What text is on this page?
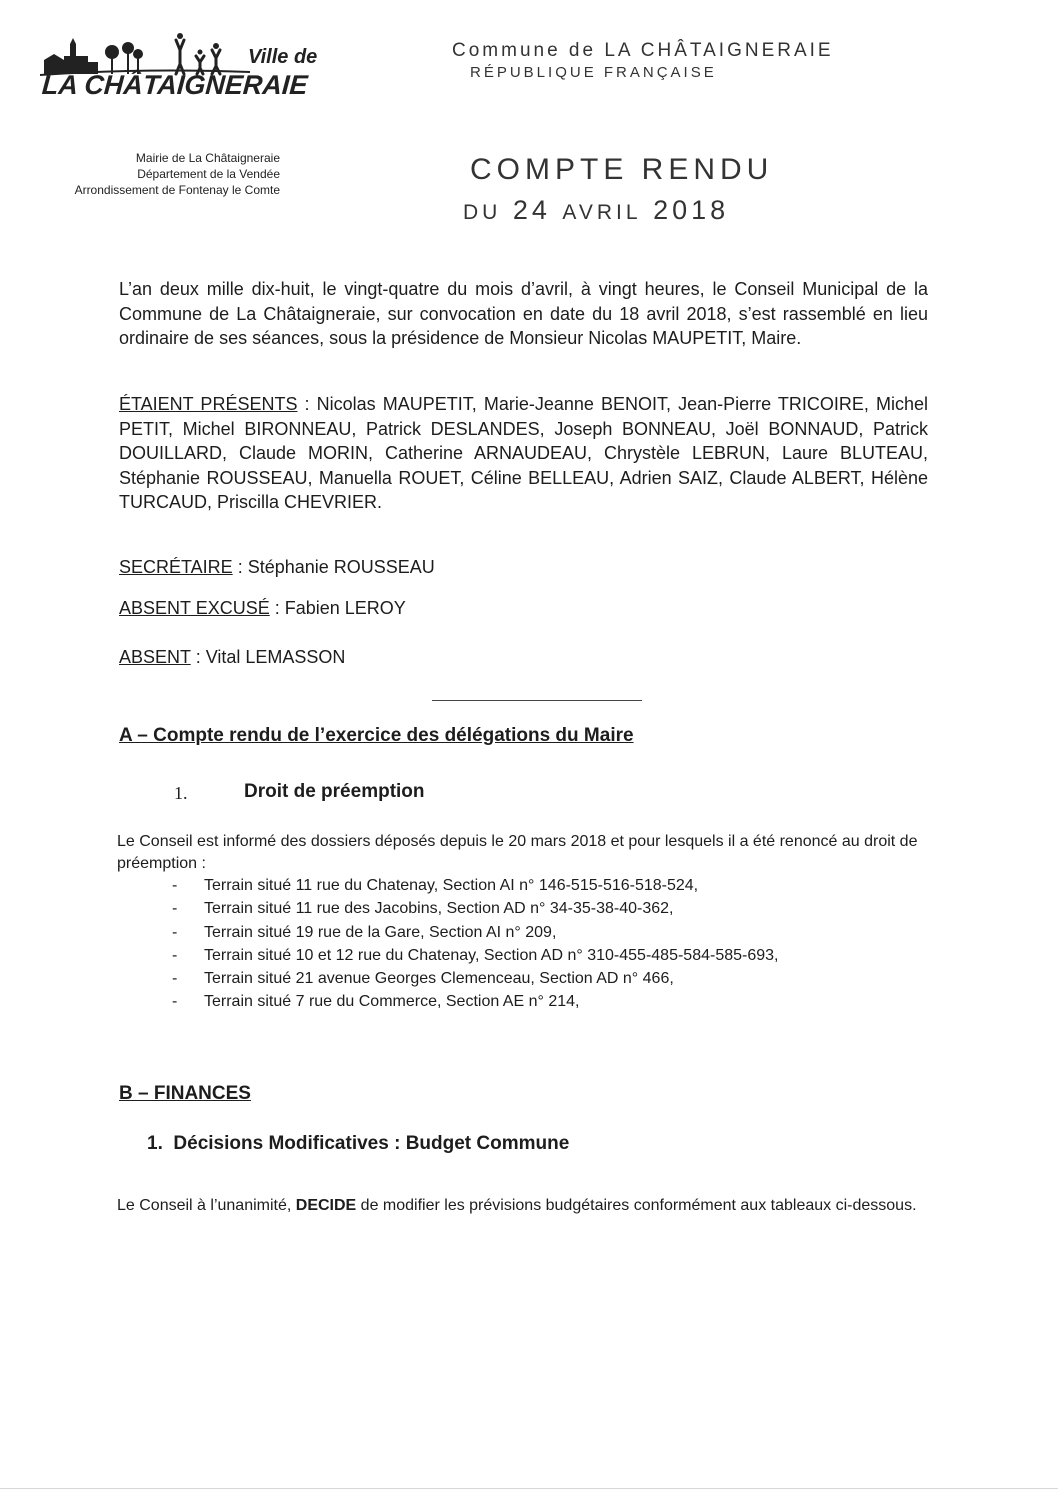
Ville de
LA CHÂTAIGNERAIE
Commune de LA CHÂTAIGNERAIE
RÉPUBLIQUE FRANÇAISE
Mairie de La Châtaigneraie
Département de la Vendée
Arrondissement de Fontenay le Comte
COMPTE RENDU
DU 24 AVRIL 2018
L’an deux mille dix-huit, le vingt-quatre du mois d’avril, à vingt heures, le Conseil Municipal de la Commune de La Châtaigneraie, sur convocation en date du 18 avril 2018, s’est rassemblé en lieu ordinaire de ses séances, sous la présidence de Monsieur Nicolas MAUPETIT, Maire.
ÉTAIENT PRÉSENTS : Nicolas MAUPETIT, Marie-Jeanne BENOIT, Jean-Pierre TRICOIRE, Michel PETIT, Michel BIRONNEAU, Patrick DESLANDES, Joseph BONNEAU, Joël BONNAUD, Patrick DOUILLARD, Claude MORIN, Catherine ARNAUDEAU, Chrystèle LEBRUN, Laure BLUTEAU, Stéphanie ROUSSEAU, Manuella ROUET, Céline BELLEAU, Adrien SAIZ, Claude ALBERT, Hélène TURCAUD, Priscilla CHEVRIER.
SECRÉTAIRE : Stéphanie ROUSSEAU
ABSENT EXCUSÉ : Fabien LEROY
ABSENT : Vital LEMASSON
A – Compte rendu de l’exercice des délégations du Maire
1.	Droit de préemption
Le Conseil est informé des dossiers déposés depuis le 20 mars 2018 et pour lesquels il a été renoncé au droit de préemption :
- Terrain situé 11 rue du Chatenay, Section AI n° 146-515-516-518-524,
- Terrain situé 11 rue des Jacobins, Section AD n° 34-35-38-40-362,
- Terrain situé 19 rue de la Gare, Section AI n° 209,
- Terrain situé 10 et 12 rue du Chatenay, Section AD n° 310-455-485-584-585-693,
- Terrain situé 21 avenue Georges Clemenceau, Section AD n° 466,
- Terrain situé 7 rue du Commerce, Section AE n° 214,
B – FINANCES
1.  Décisions Modificatives : Budget Commune
Le Conseil à l’unanimité, DECIDE de modifier les prévisions budgétaires conformément aux tableaux ci-dessous.
